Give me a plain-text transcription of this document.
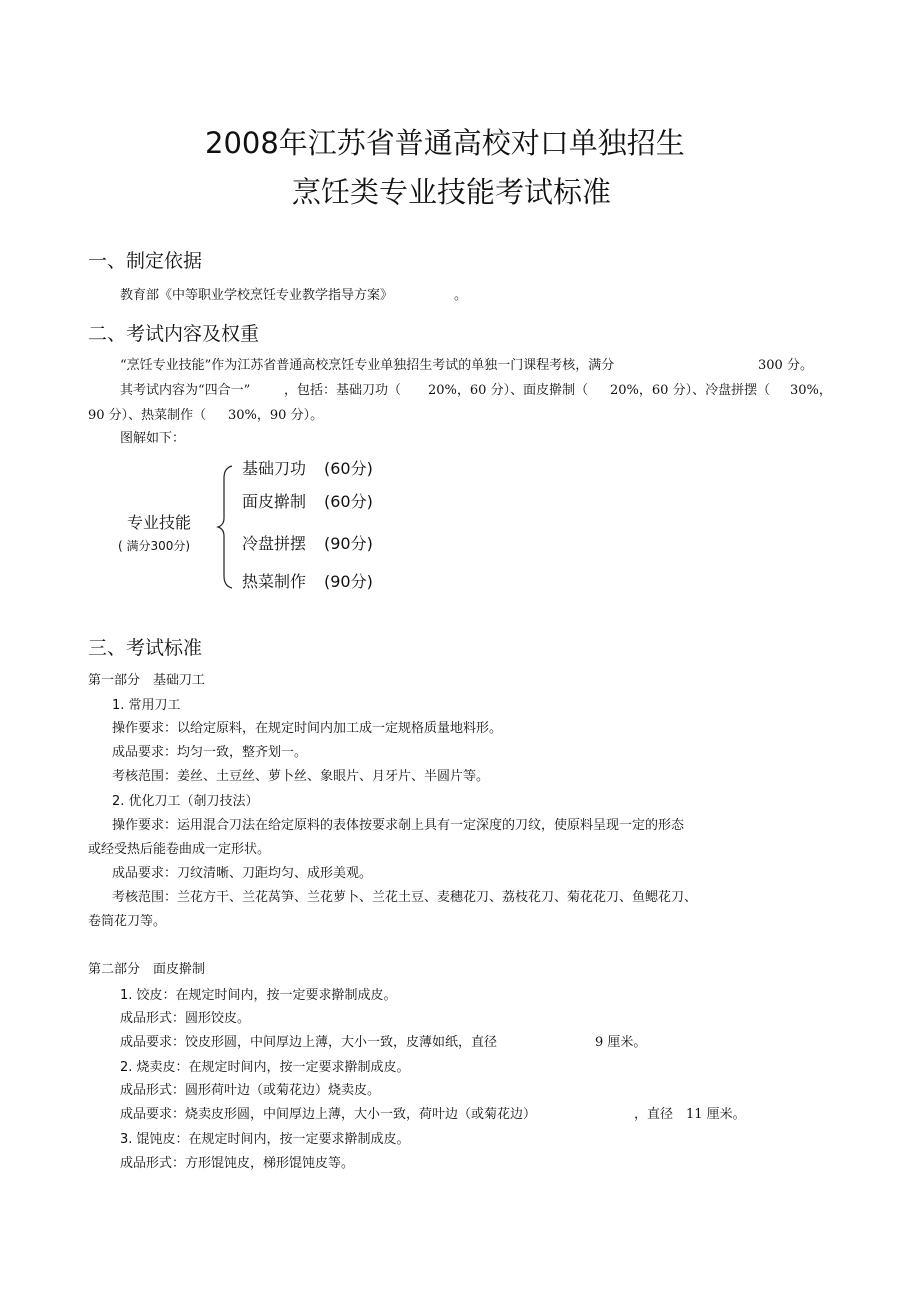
2008年江苏省普通高校对口单独招生
烹饪类专业技能考试标准
一、制定依据
教育部《中等职业学校烹饪专业教学指导方案》	。
二、考试内容及权重
“烹饪专业技能”作为江苏省普通高校烹饪专业单独招生考试的单独一门课程考核，满分	300 分。
其考试内容为“四合一”	，包括：基础刀功（ 20%，60 分）、面皮擀制（ 20%，60 分）、冷盘拼摆（ 30%，
90 分）、热菜制作（ 30%，90 分）。
图解如下：
专业技能
( 满分300分)
基础刀功 (60分)
面皮擀制 (60分)
冷盘拼摆 (90分)
热菜制作 (90分)
三、考试标准
第一部分　基础刀工
1. 常用刀工
操作要求：以给定原料，在规定时间内加工成一定规格质量地料形。
成品要求：均匀一致，整齐划一。
考核范围：姜丝、土豆丝、萝卜丝、象眼片、月牙片、半圆片等。
2. 优化刀工（剞刀技法）
操作要求：运用混合刀法在给定原料的表体按要求剞上具有一定深度的刀纹，使原料呈现一定的形态
或经受热后能卷曲成一定形状。
成品要求：刀纹清晰、刀距均匀、成形美观。
考核范围：兰花方干、兰花莴笋、兰花萝卜、兰花土豆、麦穗花刀、荔枝花刀、菊花花刀、鱼鳃花刀、
卷筒花刀等。
第二部分　面皮擀制
1. 饺皮：在规定时间内，按一定要求擀制成皮。
成品形式：圆形饺皮。
成品要求：饺皮形圆，中间厚边上薄，大小一致，皮薄如纸，直径	9 厘米。
2. 烧卖皮：在规定时间内，按一定要求擀制成皮。
成品形式：圆形荷叶边（或菊花边）烧卖皮。
成品要求：烧卖皮形圆，中间厚边上薄，大小一致，荷叶边（或菊花边）	，直径 11 厘米。
3. 馄饨皮：在规定时间内，按一定要求擀制成皮。
成品形式：方形馄饨皮，梯形馄饨皮等。
